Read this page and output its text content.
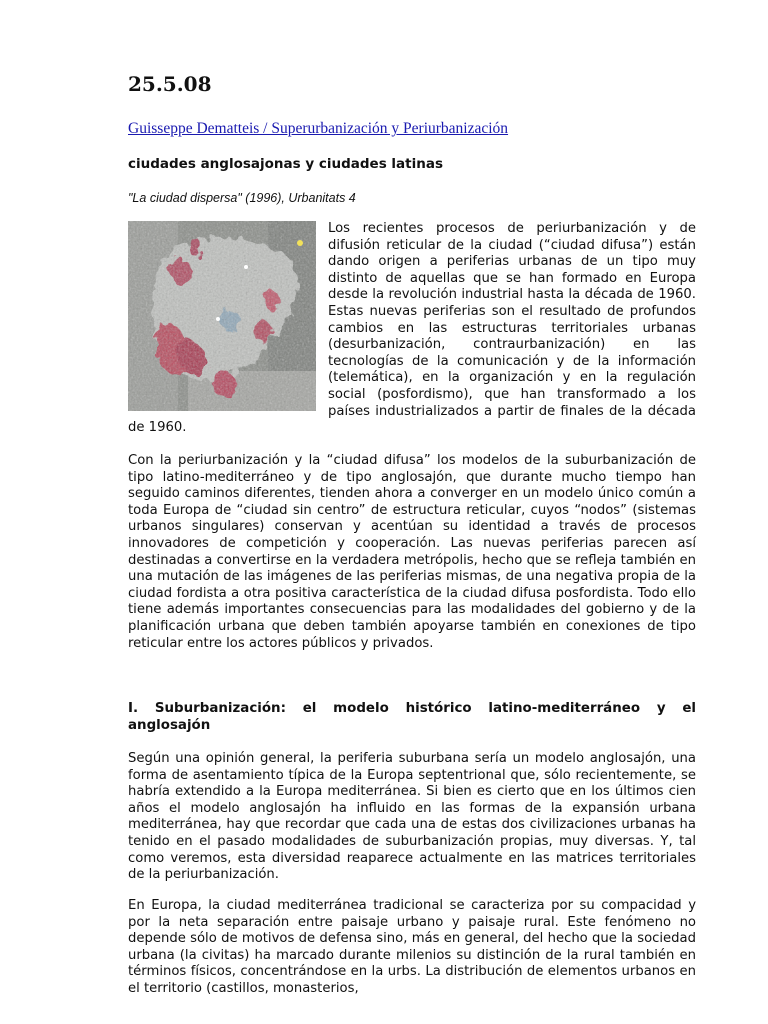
25.5.08
Guisseppe Dematteis / Superurbanización y Periurbanización
ciudades anglosajonas y ciudades latinas
"La ciudad dispersa" (1996), Urbanitats 4
Los recientes procesos de periurbanización y de difusión reticular de la ciudad (“ciudad difusa”) están dando origen a periferias urbanas de un tipo muy distinto de aquellas que se han formado en Europa desde la revolución industrial hasta la década de 1960. Estas nuevas periferias son el resultado de profundos cambios en las estructuras territoriales urbanas (desurbanización, contraurbanización) en las tecnologías de la comunicación y de la información (telemática), en la organización y en la regulación social (posfordismo), que han transformado a los países industrializados a partir de finales de la década de 1960.

Con la periurbanización y la “ciudad difusa” los modelos de la suburbanización de tipo latino-mediterráneo y de tipo anglosajón, que durante mucho tiempo han seguido caminos diferentes, tienden ahora a converger en un modelo único común a toda Europa de “ciudad sin centro” de estructura reticular, cuyos “nodos” (sistemas urbanos singulares) conservan y acentúan su identidad a través de procesos innovadores de competición y cooperación. Las nuevas periferias parecen así destinadas a convertirse en la verdadera metrópolis, hecho que se refleja también en una mutación de las imágenes de las periferias mismas, de una negativa propia de la ciudad fordista a otra positiva característica de la ciudad difusa posfordista. Todo ello tiene además importantes consecuencias para las modalidades del gobierno y de la planificación urbana que deben también apoyarse también en conexiones de tipo reticular entre los actores públicos y privados.

I. Suburbanización: el modelo histórico latino-mediterráneo y el anglosajón

Según una opinión general, la periferia suburbana sería un modelo anglosajón, una forma de asentamiento típica de la Europa septentrional que, sólo recientemente, se habría extendido a la Europa mediterránea. Si bien es cierto que en los últimos cien años el modelo anglosajón ha influido en las formas de la expansión urbana mediterránea, hay que recordar que cada una de estas dos civilizaciones urbanas ha tenido en el pasado modalidades de suburbanización propias, muy diversas. Y, tal como veremos, esta diversidad reaparece actualmente en las matrices territoriales de la periurbanización.

En Europa, la ciudad mediterránea tradicional se caracteriza por su compacidad y por la neta separación entre paisaje urbano y paisaje rural. Este fenómeno no depende sólo de motivos de defensa sino, más en general, del hecho que la sociedad urbana (la civitas) ha marcado durante milenios su distinción de la rural también en términos físicos, concentrándose en la urbs. La distribución de elementos urbanos en el territorio (castillos, monasterios,
